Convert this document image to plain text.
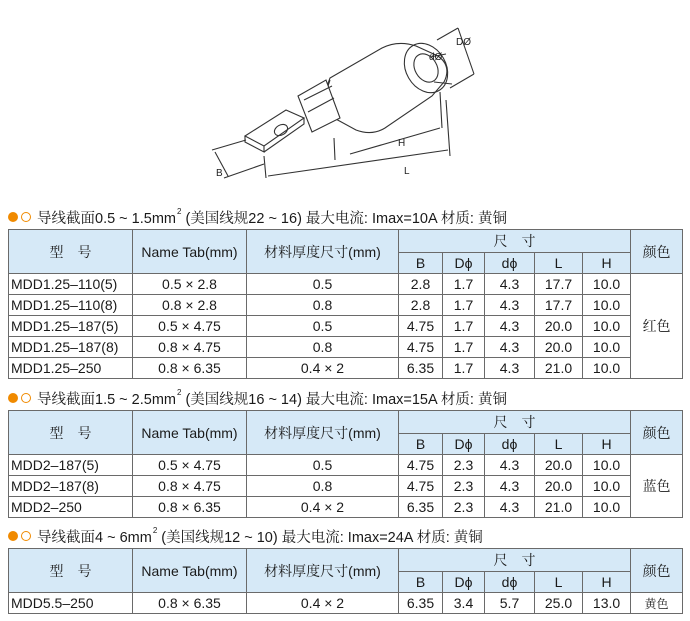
DØ
dØ
H
L
B
导线截面0.5 ~ 1.5mm 2 (美国线规22 ~ 16) 最大电流: Imax=10A 材质: 黄铜
型号	Name Tab(mm)	材料厚度尺寸(mm)	尺寸					颜色
			B	Dϕ	dϕ	L	H	
MDD1.25–110(5)	0.5 × 2.8	0.5	2.8	1.7	4.3	17.7	10.0	红色
MDD1.25–110(8)	0.8 × 2.8	0.8	2.8	1.7	4.3	17.7	10.0	
MDD1.25–187(5)	0.5 × 4.75	0.5	4.75	1.7	4.3	20.0	10.0	
MDD1.25–187(8)	0.8 × 4.75	0.8	4.75	1.7	4.3	20.0	10.0	
MDD1.25–250	0.8 × 6.35	0.4 × 2	6.35	1.7	4.3	21.0	10.0	
导线截面1.5 ~ 2.5mm 2 (美国线规16 ~ 14) 最大电流: Imax=15A 材质: 黄铜
型号	Name Tab(mm)	材料厚度尺寸(mm)	尺寸					颜色
			B	Dϕ	dϕ	L	H	
MDD2–187(5)	0.5 × 4.75	0.5	4.75	2.3	4.3	20.0	10.0	蓝色
MDD2–187(8)	0.8 × 4.75	0.8	4.75	2.3	4.3	20.0	10.0	
MDD2–250	0.8 × 6.35	0.4 × 2	6.35	2.3	4.3	21.0	10.0	
导线截面4 ~ 6mm 2 (美国线规12 ~ 10) 最大电流: Imax=24A 材质: 黄铜
型号	Name Tab(mm)	材料厚度尺寸(mm)	尺寸					颜色
			B	Dϕ	dϕ	L	H	
MDD5.5–250	0.8 × 6.35	0.4 × 2	6.35	3.4	5.7	25.0	13.0	黄色
